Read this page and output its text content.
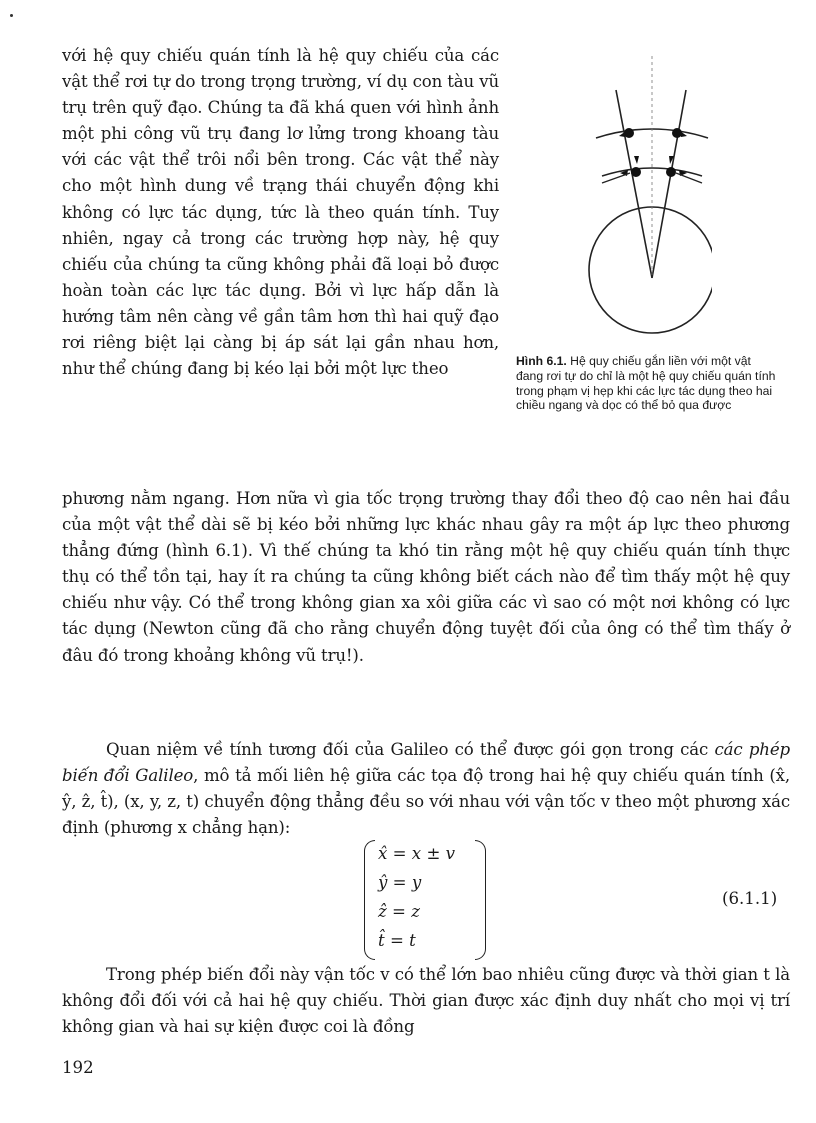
với hệ quy chiếu quán tính là hệ quy chiếu của các vật thể rơi tự do trong trọng trường, ví dụ con tàu vũ trụ trên quỹ đạo. Chúng ta đã khá quen với hình ảnh một phi công vũ trụ đang lơ lửng trong khoang tàu với các vật thể trôi nổi bên trong. Các vật thể này cho một hình dung về trạng thái chuyển động khi không có lực tác dụng, tức là theo quán tính. Tuy nhiên, ngay cả trong các trường hợp này, hệ quy chiếu của chúng ta cũng không phải đã loại bỏ được hoàn toàn các lực tác dụng. Bởi vì lực hấp dẫn là hướng tâm nên càng về gần tâm hơn thì hai quỹ đạo rơi riêng biệt lại càng bị áp sát lại gần nhau hơn, như thể chúng đang bị kéo lại bởi một lực theo	Hình 6.1. Hệ quy chiếu gắn liền với một vật đang rơi tự do chỉ là một hệ quy chiếu quán tính trong phạm vị hẹp khi các lực tác dụng theo hai chiều ngang và dọc có thể bỏ qua được

phương nằm ngang. Hơn nữa vì gia tốc trọng trường thay đổi theo độ cao nên hai đầu của một vật thể dài sẽ bị kéo bởi những lực khác nhau gây ra một áp lực theo phương thẳng đứng (hình 6.1). Vì thế chúng ta khó tin rằng một hệ quy chiếu quán tính thực thụ có thể tồn tại, hay ít ra chúng ta cũng không biết cách nào để tìm thấy một hệ quy chiếu như vậy. Có thể trong không gian xa xôi giữa các vì sao có một nơi không có lực tác dụng (Newton cũng đã cho rằng chuyển động tuyệt đối của ông có thể tìm thấy ở đâu đó trong khoảng không vũ trụ!).

Quan niệm về tính tương đối của Galileo có thể được gói gọn trong các các phép biến đổi Galileo, mô tả mối liên hệ giữa các tọa độ trong hai hệ quy chiếu quán tính (x̂, ŷ, ẑ, t̂), (x, y, z, t) chuyển động thẳng đều so với nhau với vận tốc v theo một phương xác định (phương x chẳng hạn):

x̂ = x ± v
ŷ = y
ẑ = z
t̂ = t
(6.1.1)

Trong phép biến đổi này vận tốc v có thể lớn bao nhiêu cũng được và thời gian t là không đổi đối với cả hai hệ quy chiếu. Thời gian được xác định duy nhất cho mọi vị trí không gian và hai sự kiện được coi là đồng

192
